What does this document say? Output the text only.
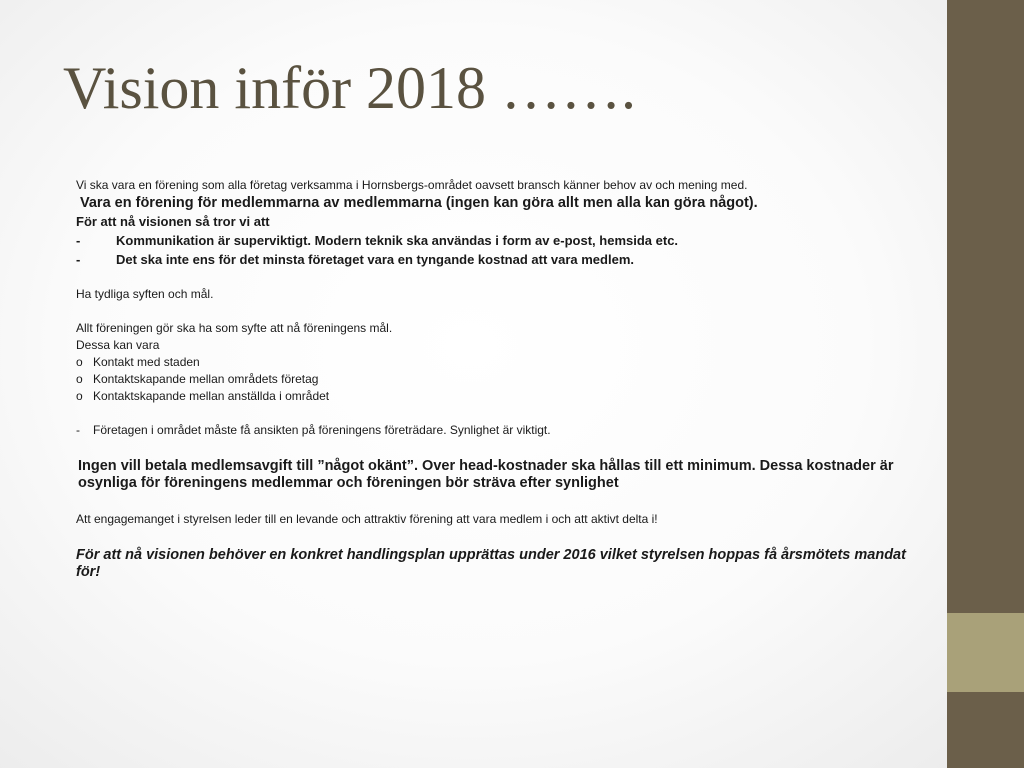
Vision inför 2018 …….

Vi ska vara en förening som alla företag verksamma i Hornsbergs-området oavsett bransch känner behov av och mening med.

Vara en förening för medlemmarna av medlemmarna (ingen kan göra allt men alla kan göra något).

För att nå visionen så tror vi att

-	Kommunikation är superviktigt. Modern teknik ska användas i form av e-post, hemsida etc.
-	Det ska inte ens för det minsta företaget vara en tyngande kostnad att vara medlem.

Ha tydliga syften och mål.

Allt föreningen gör ska ha som syfte att nå föreningens mål.

Dessa kan vara

o Kontakt med staden
o Kontaktskapande mellan områdets företag
o Kontaktskapande mellan anställda i området
-	Företagen i området måste få ansikten på föreningens företrädare. Synlighet är viktigt.

Ingen vill betala medlemsavgift till ”något okänt”. Over head-kostnader ska hållas till ett minimum. Dessa kostnader är osynliga för föreningens medlemmar och föreningen bör sträva efter synlighet

Att engagemanget i styrelsen leder till en levande och attraktiv förening att vara medlem i och att aktivt delta i!

För att nå visionen behöver en konkret handlingsplan upprättas under 2016 vilket styrelsen hoppas få årsmötets mandat för!
